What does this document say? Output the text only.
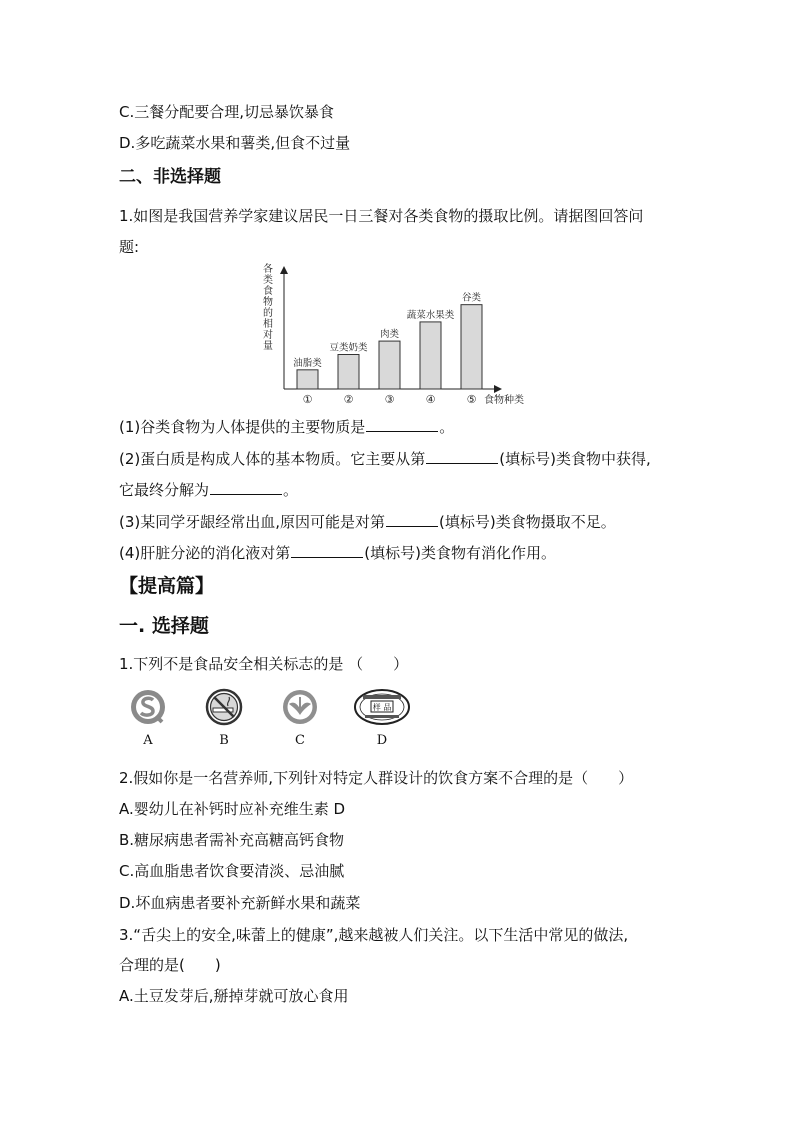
C.三餐分配要合理,切忌暴饮暴食
D.多吃蔬菜水果和薯类,但食不过量
二、非选择题
1.如图是我国营养学家建议居民一日三餐对各类食物的摄取比例。请据图回答问
题:
食物种类
各
类
食
物
的
相
对
量
油脂类
①
豆类奶类
②
肉类
③
蔬菜水果类
④
谷类
⑤
(1)谷类食物为人体提供的主要物质是	。
(2)蛋白质是构成人体的基本物质。它主要从第	(填标号)类食物中获得,
它最终分解为	。
(3)某同学牙龈经常出血,原因可能是对第	(填标号)类食物摄取不足。
(4)肝脏分泌的消化液对第	(填标号)类食物有消化作用。
【提高篇】
一. 选择题
1.下列不是食品安全相关标志的是 （　　）
A	B	C
样 品
D
2.假如你是一名营养师,下列针对特定人群设计的饮食方案不合理的是（　　）
A.婴幼儿在补钙时应补充维生素 D
B.糖尿病患者需补充高糖高钙食物
C.高血脂患者饮食要清淡、忌油腻
D.坏血病患者要补充新鲜水果和蔬菜
3.“舌尖上的安全,味蕾上的健康”,越来越被人们关注。以下生活中常见的做法,
合理的是(　　)
A.土豆发芽后,掰掉芽就可放心食用
